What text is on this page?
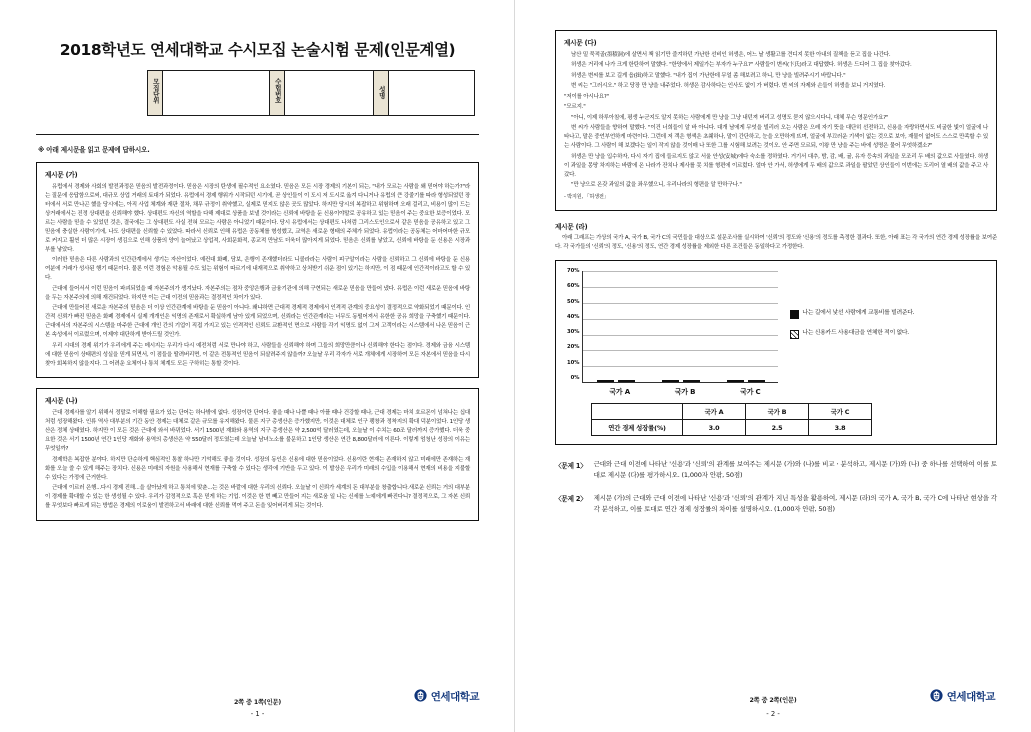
2018학년도 연세대학교 수시모집 논술시험 문제(인문계열)
모집단위		수험번호		성명	
※ 아래 제시문을 읽고 문제에 답하시오.
제시문 (가)

유럽에서 경제와 사회의 발전과정은 믿음의 발전과정이다. 믿음은 시장의 탄생에 필수적인 요소였다. 믿음은 모든 시장 경제의 기본이 되는, "내가 모르는 사람을 왜 믿어야 하는가?"라는 질문에 응답함으로써, 대규모 상업 거래의 토대가 되었다. 유럽에서 경제 행위가 시작되던 시기에, 곧 상인들이 이 도시 저 도시로 옮겨 다니거나 유럽의 큰 강줄기를 따라 형성되었던 장터에서 서로 만나곤 했을 당시에는, 아직 사업 체계와 재판 절차, 채무 규정이 취약했고, 실제로 믿지도 않은 곳도 많았다. 하지만 당시의 복잡하고 위험하며 오래 걸리고, 비용이 많이 드는 상거래에서는 진정 상대편을 신뢰해야 했다. 상대편도 자신의 역할을 다해 제대로 상품을 보낼 것이라는 신뢰에 바탕을 둔 신용이야말로 공유하고 있는 믿음이 주는 중요한 보증이었다. 모르는 사람을 믿을 수 있었던 것은, 결국에는 그 상대편도 사실 전혀 모르는 사람은 아니었기 때문이다. 당시 유럽에서는 상대편도 나처럼 그리스도인으로서 같은 믿음을 공유하고 있고 그 믿음에 충실한 사람이기에, 나도 상대편을 신뢰할 수 있었다. 따라서 신뢰로 인해 유럽은 공동체를 형성했고, 교역은 새로운 형태의 주체가 되었다. 유럽이라는 공동체는 어마어마한 규모로 커지고 훨씬 더 많은 시장이 생김으로 인해 상품의 양이 늘어났고 상업적, 사회문화적, 종교적 만남도 더욱더 많아지게 되었다. 믿음은 신뢰를 낳았고, 신뢰에 바탕을 둔 신용은 시장과 부를 낳았다.

이러한 믿음은 다른 사람과의 인간관계에서 생기는 자산이었다. 예컨대 화폐, 담보, 은행이 존재했더라도 니콜라라는 사람이 피구알이라는 사람을 신뢰하고 그 신뢰에 바탕을 둔 신용 여분에 거래가 성사된 행기 때문이다. 물론 이런 경험은 악용될 수도 있는 위험이 따르기에 내재적으로 취약하고 상처받기 쉬운 점이 있기는 하지만, 이 점 때문에 인간적이라고도 할 수 있다.

근대에 들어서서 이런 믿음이 파괴되었을 때 자본주의가 생겨났다. 자본주의는 점차 중앙은행과 금융기관에 의해 구현되는 새로운 믿음을 만들어 냈다. 유럽은 이런 새로운 믿음에 바탕을 두는 자본주의에 의해 재건되었다. 하지만 이는 근대 이전의 믿음과는 결정적인 차이가 있다.

근대에 만들어진 새로운 자본주의 믿음은 더 이상 인간관계에 바탕을 둔 믿음이 아니다. 왜냐하면 근대적 경제적 경제에서 인격적 관계의 중요성이 결정적으로 약화되었기 때문이다. 인간적 신뢰가 빠진 믿음은 화폐 경제에서 실제 개개인은 익명의 존재로서 확실하게 남아 있게 되었으며, 신뢰라는 인간관계라는 너무도 동떨어져서 유한한 공유 희망을 구축했기 때문이다. 근대에서의 자본주의 시스템을 마주한 근대에 개인 간의 기업이 직접 가지고 있는 인격적인 신뢰도 교환적인 면으로 사람들 각기 익명도 없이 그저 고객이라는 시스템에서 나온 믿음이 근본 속성에서 이르렀으며, 이제야 대단하게 받아드릴 것인가.

우리 시대의 경제 위기가 우리에게 주는 메시지는 우리가 다시 예전처럼 서로 만나야 하고, 사람들을 신뢰해야 하며 그들의 희망만큼이나 신뢰해야 한다는 점이다. 경제와 금융 시스템에 대한 믿음이 상태편의 성실을 믿게 되면서, 이 점들을 딸려버리면, 이 같은 전통적인 믿음이 되살려주지 않을까? 오늘날 우리 각자가 서로 개체에게 시장하여 모든 자본에서 믿음을 다시 찾아 회복하지 않을지다. 그 어려운 요체이나 통치 체계도 모든 구하히는 통할 것이다.

제시문 (나)

근대 경제사를 알기 위해서 정말로 이해할 필요가 있는 단어는 하나밖에 없다. 성장이란 단어다. 좋을 때나 나쁠 때나 아플 때나 건강할 때나, 근대 경제는 마치 호르몬이 넘쳐나는 십대처럼 성장해왔다. 인류 역사 대부분의 기간 동안 경제는 대체로 같은 규모를 유지해왔다. 물론 지구 총생산은 증가했지만, 이것은 대체로 인구 팽창과 정착지의 확대 덕분이었다. 1인당 생산은 정체 상태였다. 하지만 이 모든 것은 근대에 와서 바뀌었다. 서기 1500년 재화와 용역의 지구 총생산은 약 2,500억 달러였는데, 오늘날 이 수치는 60조 달러까지 증가했다. 더욱 중요한 것은 서기 1500년 연간 1인당 재화와 용역의 총생산은 약 550달러 정도였는데 오늘날 남녀노소를 불문하고 1인당 생산은 연간 8,800달러에 이른다. 이렇게 엄청난 성장의 이유는 무엇일까?

경제학은 복잡한 분야다. 하지만 단순하게 핵심적인 통찰 하나만 기억해도 좋을 것이다. 성장의 동인은 신용에 대한 믿음이었다. 신용이란 현재는 존재하지 않고 미래에만 존재하는 재화를 오늘 쓸 수 있게 해주는 장치다. 신용은 미래의 자원을 사용해서 현재를 구축할 수 있다는 생각에 기반을 두고 있다. 이 발상은 우리가 미래의 수입을 이용해서 현재의 비용을 지불할 수 있다는 가정에 근거한다.

근대에 이르러 은행...다시 경제 진해...을 살아났게 하고 통치에 맞춘...는 것은 바깥에 대한 우리의 신뢰다. 오늘날 이 신뢰가 세계의 돈 대부분을 창출합니다.새로운 신뢰는 거의 대부분이 경제를 확대할 수 있는 한 생성될 수 있다. 우리가 감정적으로 혹은 믿게 하는 기업. 이것은 한 번 빼고 만들어 지는 새로움 일 나는 신세를 노예에게 빠진다니? 결정적으로, 그 자본 신뢰를 무엇보다 빠르게 되는 방법은 경제의 이로움이 발전하고서 바래에 대한 신뢰를 먹여 주고 돈을 잊어버리게 되는 것이다.

2쪽 중 1쪽(인문)	연세대학교
- 1 -
제시문 (다)

남산 밑 묵적골(墨積洞)에 살면서 책 읽기만 즐겨하던 가난한 선비인 허생은, 어느 날 생활고를 견디지 못한 아내의 질책을 듣고 집을 나간다.

허생은 거리에 나가 크게 한탄하여 말했다. "한양에서 제일가는 부자가 누구요?" 사람들이 변씨(卞氏)라고 대답했다. 허생은 드디어 그 집을 찾아갔다.

허생은 변씨를 보고 길게 읍(揖)하고 말했다. "내가 집이 가난한데 무얼 좀 해보려고 하니, 만 냥을 빌려주시기 바랍니다."

변 씨는 "그러시오." 하고 당장 만 냥을 내주었다. 허생은 감사하다는 인사도 없이 가 버렸다. 변 씨의 자제와 손들이 허생을 보니 거지였다.

"저이를 아시나요?"

"모르지."

"아니, 이제 하루아침에, 평생 누군지도 알지 못하는 사람에게 만 냥을 그냥 내던져 버리고 성명도 묻지 않으시다니, 대체 무슨 영문인가요?"

변 씨가 사람들을 향하여 말했다. "이건 너희들이 알 바 아니다. 대개 남에게 무엇을 빌리러 오는 사람은 으레 자기 뜻을 대단히 선전하고, 신용을 자랑하면서도 비굴한 빛이 얼굴에 나타나고, 말은 중언부언하게 마련이다. 그런데 저 객은 형색은 초췌하나, 말이 간단하고, 눈을 오만하게 뜨며, 얼굴에 부끄러운 기색이 없는 것으로 보아, 재물이 없어도 스스로 만족할 수 있는 사람이다. 그 사람이 해 보겠다는 일이 작지 않을 것이매 나 또한 그를 시험해 보려는 것이오. 안 주면 모르되, 이왕 만 냥을 주는 바에 성명은 물어 무엇하겠소?"

허생은 만 냥을 입수하자, 다시 자기 집에 들르지도 않고 서울 안성(安城)에다 숙소를 정하였다. 거기서 대추, 밤, 감, 배, 귤, 유자 등속의 과일을 모조리 두 배의 값으로 사들였다. 허생이 과일을 몽땅 차지하는 바람에 온 나라가 잔치나 제사를 못 치를 형편에 이르렀다. 얼마 안 가서, 허생에게 두 배의 값으로 과일을 팔았던 상인들이 이번에는 도리어 열 배의 값을 주고 사갔다.

"만 냥으로 온갖 과일의 값을 좌우했으니, 우리나라의 형편을 알 만하구나."

- 박지원, 「허생전」

제시문 (라)

아래 그래프는 가상의 국가 A, 국가 B, 국가 C의 국민들을 대상으로 설문조사를 실시하여 '신뢰'의 정도와 '신용'의 정도를 측정한 결과다. 또한, 아래 표는 각 국가의 연간 경제 성장률을 보여준다. 각 국가들의 '신뢰'의 정도, '신용'의 정도, 연간 경제 성장률을 제외한 다른 조건들은 동일하다고 가정한다.

70%
60%
50%
40%
30%
20%
10%
0%
나는 길에서 낯선 사람에게 교통비를 빌려준다.
나는 신용카드 사용대금을 연체한 적이 없다.
국가 A	국가 B	국가 C
	국가 A	국가 B	국가 C
연간 경제 성장률(%)	3.0	2.5	3.8
〈문제 1〉 근대와 근대 이전에 나타난 '신용'과 '신뢰'의 관계를 보여주는 제시문 (가)와 (나)를 비교ㆍ분석하고, 제시문 (가)와 (나) 중 하나를 선택하여 이를 토대로 제시문 (다)를 평가하시오. (1,000자 안팎, 50점)
〈문제 2〉 제시문 (가)의 근대와 근대 이전에 나타난 '신용'과 '신뢰'의 관계가 지닌 특성을 활용하여, 제시문 (라)의 국가 A, 국가 B, 국가 C에 나타난 현상을 각각 분석하고, 이를 토대로 연간 경제 성장률의 차이를 설명하시오. (1,000자 안팎, 50점)
2쪽 중 2쪽(인문)	연세대학교
- 2 -
